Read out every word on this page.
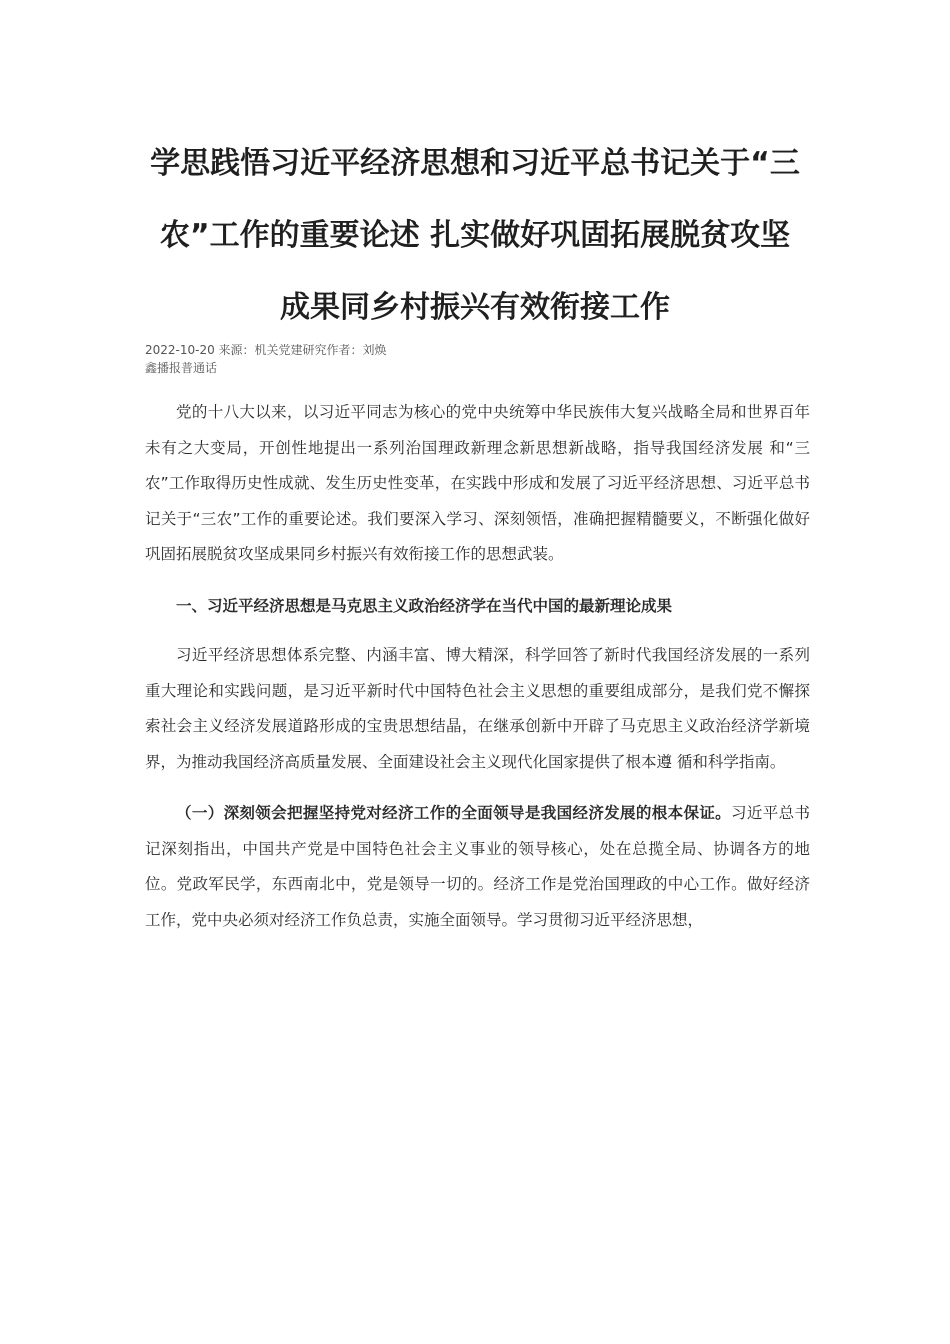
学思践悟习近平经济思想和习近平总书记关于“三
农”工作的重要论述 扎实做好巩固拓展脱贫攻坚
成果同乡村振兴有效衔接工作
2022-10-20 来源：机关党建研究作者：刘焕
鑫播报普通话

党的十八大以来，以习近平同志为核心的党中央统筹中华民族伟大复兴战略全局和世界百年未有之大变局，开创性地提出一系列治国理政新理念新思想新战略，指导我国经济发展 和“三农”工作取得历史性成就、发生历史性变革，在实践中形成和发展了习近平经济思想、习近平总书记关于“三农”工作的重要论述。我们要深入学习、深刻领悟，准确把握精髓要义，不断强化做好巩固拓展脱贫攻坚成果同乡村振兴有效衔接工作的思想武装。

一、习近平经济思想是马克思主义政治经济学在当代中国的最新理论成果

习近平经济思想体系完整、内涵丰富、博大精深，科学回答了新时代我国经济发展的一系列重大理论和实践问题，是习近平新时代中国特色社会主义思想的重要组成部分，是我们党不懈探索社会主义经济发展道路形成的宝贵思想结晶，在继承创新中开辟了马克思主义政治经济学新境界，为推动我国经济高质量发展、全面建设社会主义现代化国家提供了根本遵 循和科学指南。

（一）深刻领会把握坚持党对经济工作的全面领导是我国经济发展的根本保证。习近平总书记深刻指出，中国共产党是中国特色社会主义事业的领导核心，处在总揽全局、协调各方的地位。党政军民学，东西南北中，党是领导一切的。经济工作是党治国理政的中心工作。做好经济工作，党中央必须对经济工作负总责，实施全面领导。学习贯彻习近平经济思想，
